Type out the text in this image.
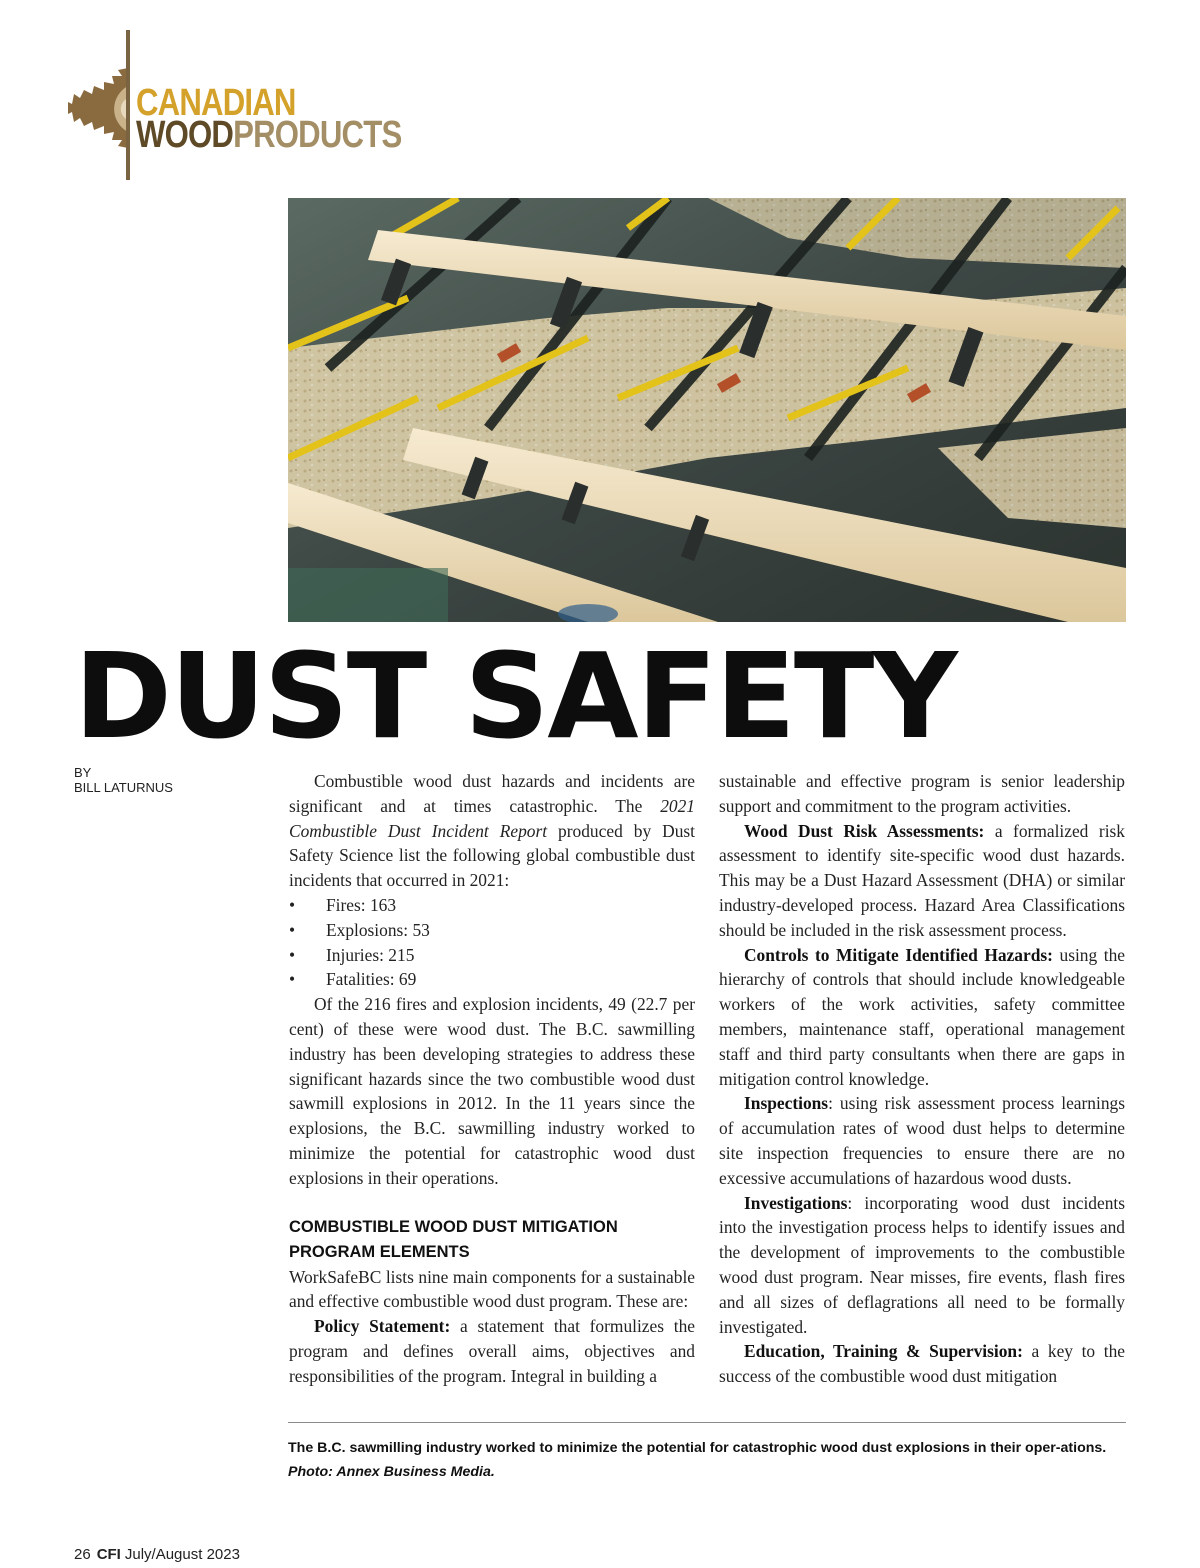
CANADIAN
WOODPRODUCTS
DUST SAFETY
BY
BILL LATURNUS	Combustible wood dust hazards and incidents are significant and at times catastrophic. The 2021 Combustible Dust Incident Report produced by Dust Safety Science list the following global combustible dust incidents that occurred in 2021:

• Fires: 163
• Explosions: 53
• Injuries: 215
• Fatalities: 69

Of the 216 fires and explosion incidents, 49 (22.7 per cent) of these were wood dust. The B.C. sawmilling industry has been developing strategies to address these significant hazards since the two combustible wood dust sawmill explosions in 2012. In the 11 years since the explosions, the B.C. sawmilling industry worked to minimize the potential for catastrophic wood dust explosions in their operations.

COMBUSTIBLE WOOD DUST MITIGATION PROGRAM ELEMENTS

WorkSafeBC lists nine main components for a sustainable and effective combustible wood dust program. These are:

Policy Statement: a statement that formulizes the program and defines overall aims, objectives and responsibilities of the program. Integral in building a

sustainable and effective program is senior leadership support and commitment to the program activities.

Wood Dust Risk Assessments: a formalized risk assessment to identify site-specific wood dust hazards. This may be a Dust Hazard Assessment (DHA) or similar industry-developed process. Hazard Area Classifications should be included in the risk assessment process.

Controls to Mitigate Identified Hazards: using the hierarchy of controls that should include knowledgeable workers of the work activities, safety committee members, maintenance staff, operational management staff and third party consultants when there are gaps in mitigation control knowledge.

Inspections: using risk assessment process learnings of accumulation rates of wood dust helps to determine site inspection frequencies to ensure there are no excessive accumulations of hazardous wood dusts.

Investigations: incorporating wood dust incidents into the investigation process helps to identify issues and the development of improvements to the combustible wood dust program. Near misses, fire events, flash fires and all sizes of deflagrations all need to be formally investigated.

Education, Training & Supervision: a key to the success of the combustible wood dust mitigation

The B.C. sawmilling industry worked to minimize the potential for catastrophic wood dust explosions in their oper-ations. Photo: Annex Business Media.
26 CFI July/August 2023
